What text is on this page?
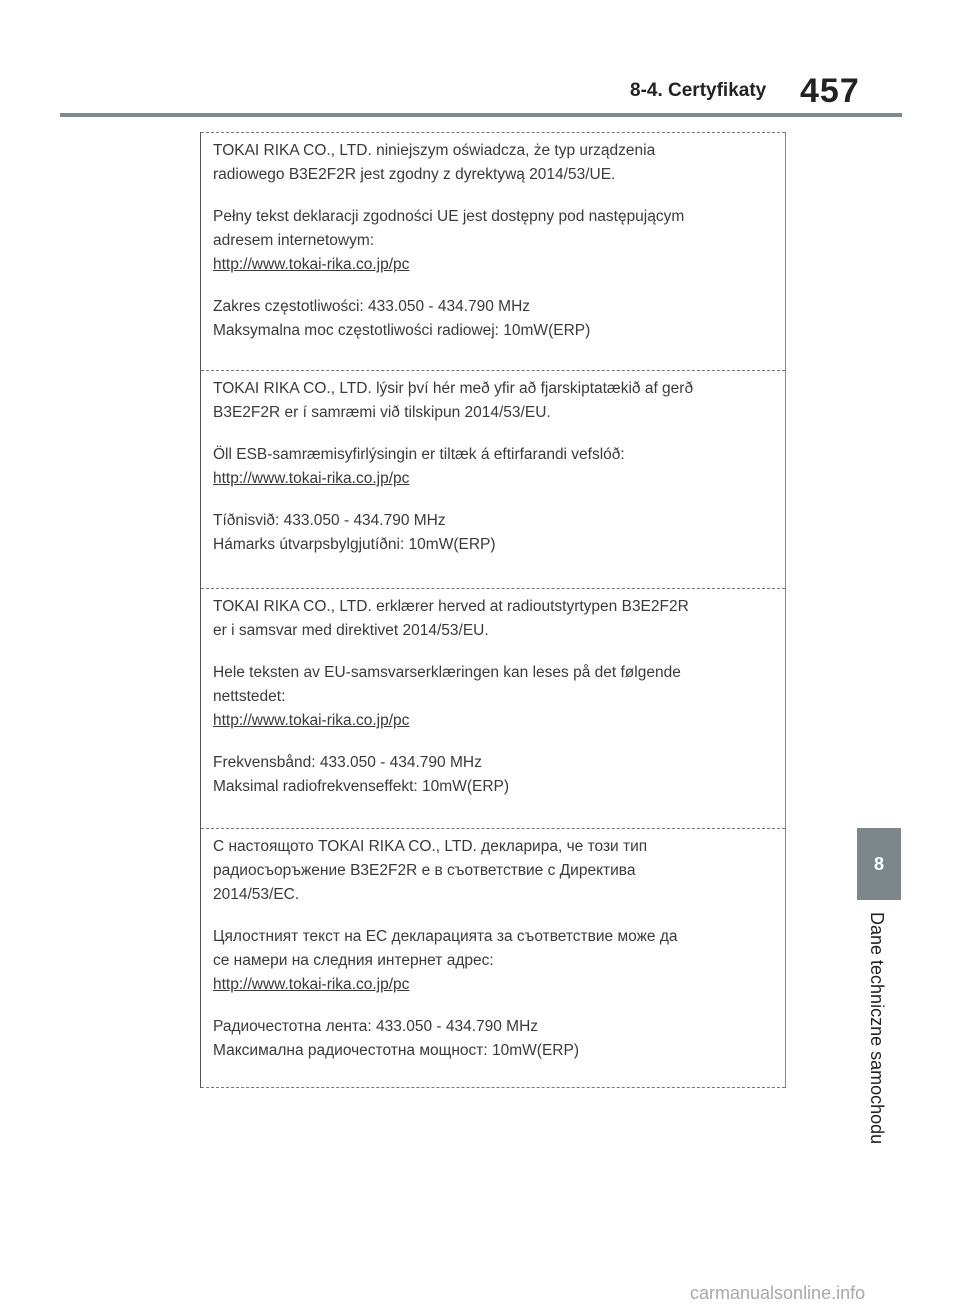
8-4. Certyfikaty 457
8
Dane techniczne samochodu

TOKAI RIKA CO., LTD. niniejszym oświadcza, że typ urządzenia

radiowego B3E2F2R jest zgodny z dyrektywą 2014/53/UE.

Pełny tekst deklaracji zgodności UE jest dostępny pod następującym

adresem internetowym:

http://www.tokai-rika.co.jp/pc

Zakres częstotliwości: 433.050 - 434.790 MHz

Maksymalna moc częstotliwości radiowej: 10mW(ERP)

TOKAI RIKA CO., LTD. lýsir því hér með yfir að fjarskiptatækið af gerð

B3E2F2R er í samræmi við tilskipun 2014/53/EU.

Öll ESB-samræmisyfirlýsingin er tiltæk á eftirfarandi vefslóð:

http://www.tokai-rika.co.jp/pc

Tíðnisvið: 433.050 - 434.790 MHz

Hámarks útvarpsbylgjutíðni: 10mW(ERP)

TOKAI RIKA CO., LTD. erklærer herved at radioutstyrtypen B3E2F2R

er i samsvar med direktivet 2014/53/EU.

Hele teksten av EU-samsvarserklæringen kan leses på det følgende

nettstedet:

http://www.tokai-rika.co.jp/pc

Frekvensbånd: 433.050 - 434.790 MHz

Maksimal radiofrekvenseffekt: 10mW(ERP)

С настоящото TOKAI RIKA CO., LTD. декларира, че този тип

радиосъоръжение B3E2F2R е в съответствие с Директива

2014/53/ЕС.

Цялостният текст на ЕС декларацията за съответствие може да

се намери на следния интернет адрес:

http://www.tokai-rika.co.jp/pc

Радиочестотна лента: 433.050 - 434.790 MHz

Максимална радиочестотна мощност: 10mW(ERP)

carmanualsonline.info
